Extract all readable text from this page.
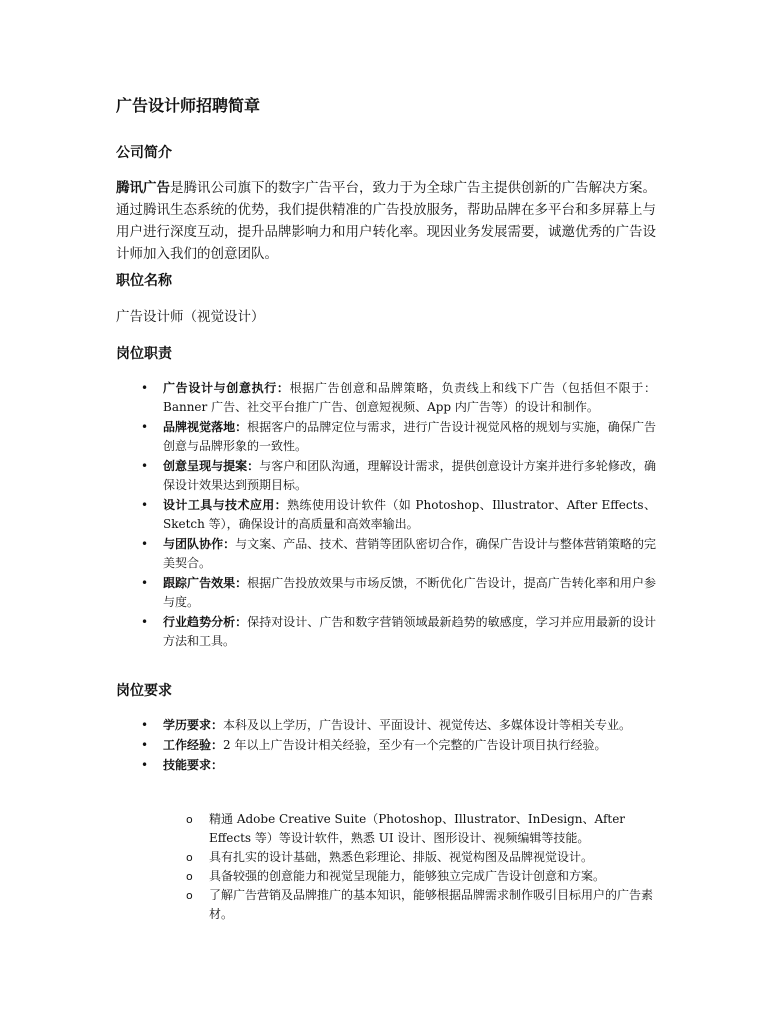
广告设计师招聘简章
公司简介

腾讯广告是腾讯公司旗下的数字广告平台，致力于为全球广告主提供创新的广告解决方案。通过腾讯生态系统的优势，我们提供精准的广告投放服务，帮助品牌在多平台和多屏幕上与用户进行深度互动，提升品牌影响力和用户转化率。现因业务发展需要，诚邀优秀的广告设计师加入我们的创意团队。

职位名称

广告设计师（视觉设计）

岗位职责
• 广告设计与创意执行：根据广告创意和品牌策略，负责线上和线下广告（包括但不限于：Banner 广告、社交平台推广广告、创意短视频、App 内广告等）的设计和制作。
• 品牌视觉落地：根据客户的品牌定位与需求，进行广告设计视觉风格的规划与实施，确保广告创意与品牌形象的一致性。
• 创意呈现与提案：与客户和团队沟通，理解设计需求，提供创意设计方案并进行多轮修改，确保设计效果达到预期目标。
• 设计工具与技术应用：熟练使用设计软件（如 Photoshop、Illustrator、After Effects、Sketch 等），确保设计的高质量和高效率输出。
• 与团队协作：与文案、产品、技术、营销等团队密切合作，确保广告设计与整体营销策略的完美契合。
• 跟踪广告效果：根据广告投放效果与市场反馈，不断优化广告设计，提高广告转化率和用户参与度。
• 行业趋势分析：保持对设计、广告和数字营销领域最新趋势的敏感度，学习并应用最新的设计方法和工具。
岗位要求
• 学历要求：本科及以上学历，广告设计、平面设计、视觉传达、多媒体设计等相关专业。
• 工作经验：2 年以上广告设计相关经验，至少有一个完整的广告设计项目执行经验。
• 技能要求：
o 精通 Adobe Creative Suite（Photoshop、Illustrator、InDesign、After Effects 等）等设计软件，熟悉 UI 设计、图形设计、视频编辑等技能。
o 具有扎实的设计基础，熟悉色彩理论、排版、视觉构图及品牌视觉设计。
o 具备较强的创意能力和视觉呈现能力，能够独立完成广告设计创意和方案。
o 了解广告营销及品牌推广的基本知识，能够根据品牌需求制作吸引目标用户的广告素材。
